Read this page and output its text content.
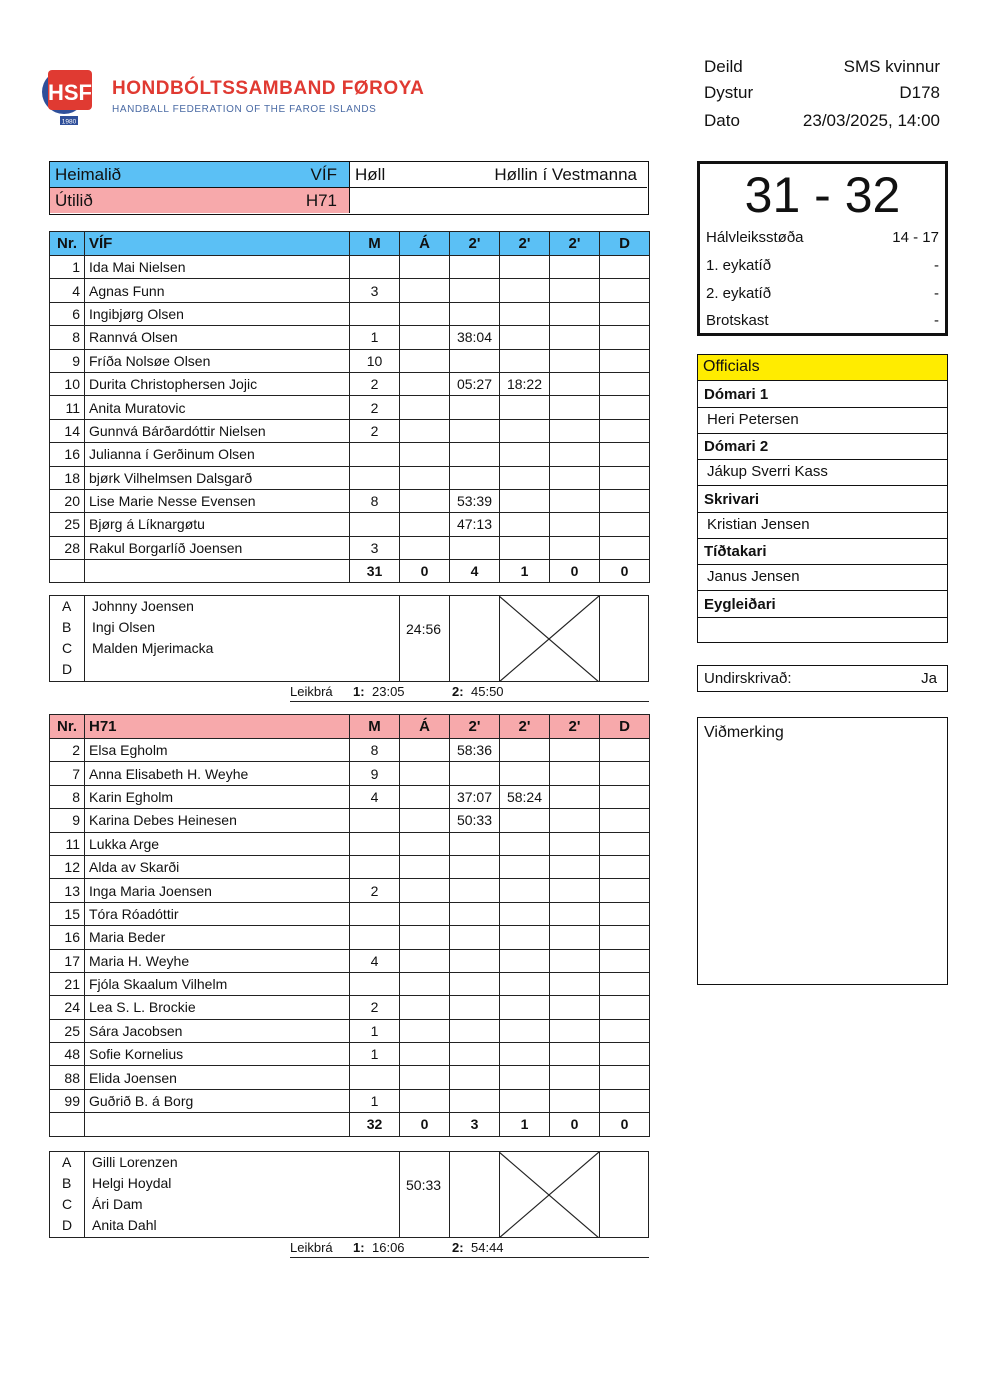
HSF
1980
HONDBÓLTSSAMBAND FØROYA
HANDBALL FEDERATION OF THE FAROE ISLANDS
Deild	SMS kvinnur
Dystur	D178
Dato	23/03/2025, 14:00
Heimalið	VÍF
Útilið	H71
Høll	Høllin í Vestmanna
Nr.	VÍF	M	Á	2'	2'	2'	D
1	Ida Mai Nielsen						
4	Agnas Funn	3					
6	Ingibjørg Olsen						
8	Rannvá Olsen	1		38:04			
9	Fríða Nolsøe Olsen	10					
10	Durita Christophersen Jojic	2		05:27	18:22		
11	Anita Muratovic	2					
14	Gunnvá Bárðardóttir Nielsen	2					
16	Julianna í Gerðinum Olsen						
18	bjørk Vilhelmsen Dalsgarð						
20	Lise Marie Nesse Evensen	8		53:39			
25	Bjørg á Líknargøtu			47:13			
28	Rakul Borgarlíð Joensen	3					
		31	0	4	1	0	0
A Johnny Joensen
B Ingi Olsen
C Malden Mjerimacka
D
24:56
Leikbrá 1: 23:05	2: 45:50
Nr.	H71	M	Á	2'	2'	2'	D
2	Elsa Egholm	8		58:36			
7	Anna Elisabeth H. Weyhe	9					
8	Karin Egholm	4		37:07	58:24		
9	Karina Debes Heinesen			50:33			
11	Lukka Arge						
12	Alda av Skarði						
13	Inga Maria Joensen	2					
15	Tóra Róadóttir						
16	Maria Beder						
17	Maria H. Weyhe	4					
21	Fjóla Skaalum Vilhelm						
24	Lea S. L. Brockie	2					
25	Sára Jacobsen	1					
48	Sofie Kornelius	1					
88	Elida Joensen						
99	Guðrið B. á Borg	1					
		32	0	3	1	0	0
A Gilli Lorenzen
B Helgi Hoydal
C Ári Dam
D Anita Dahl
50:33
Leikbrá 1: 16:06	2: 54:44
31 - 32
Hálvleiksstøða	14 - 17
1. eykatíð	-
2. eykatíð	-
Brotskast	-
Officials
Dómari 1
Heri Petersen
Dómari 2
Jákup Sverri Kass
Skrivari
Kristian Jensen
Tíðtakari
Janus Jensen
Eygleiðari
Undirskrivað:	Ja
Viðmerking
